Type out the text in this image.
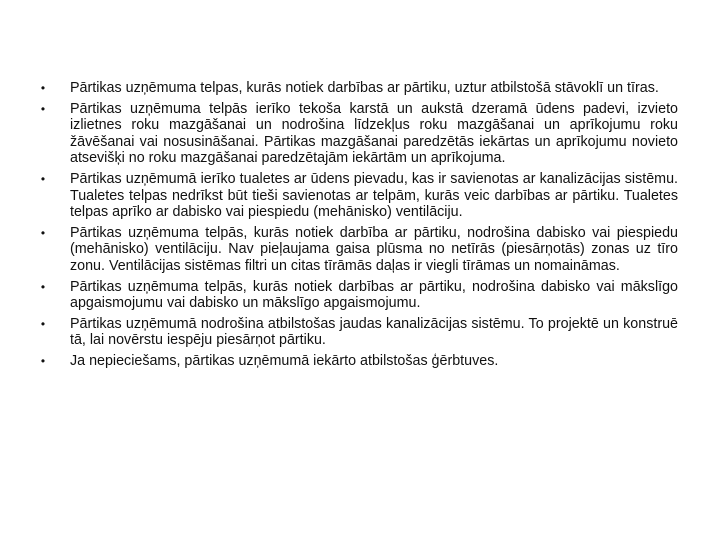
• Pārtikas uzņēmuma telpas, kurās notiek darbības ar pārtiku, uztur atbilstošā stāvoklī un tīras.
• Pārtikas uzņēmuma telpās ierīko tekoša karstā un aukstā dzeramā ūdens padevi, izvieto izlietnes roku mazgāšanai un nodrošina līdzekļus roku mazgāšanai un aprīkojumu roku žāvēšanai vai nosusināšanai. Pārtikas mazgāšanai paredzētās iekārtas un aprīkojumu novieto atsevišķi no roku mazgāšanai paredzētajām iekārtām un aprīkojuma.
• Pārtikas uzņēmumā ierīko tualetes ar ūdens pievadu, kas ir savienotas ar kanalizācijas sistēmu. Tualetes telpas nedrīkst būt tieši savienotas ar telpām, kurās veic darbības ar pārtiku. Tualetes telpas aprīko ar dabisko vai piespiedu (mehānisko) ventilāciju.
• Pārtikas uzņēmuma telpās, kurās notiek darbība ar pārtiku, nodrošina dabisko vai piespiedu (mehānisko) ventilāciju. Nav pieļaujama gaisa plūsma no netīrās (piesārņotās) zonas uz tīro zonu. Ventilācijas sistēmas filtri un citas tīrāmās daļas ir viegli tīrāmas un nomaināmas.
• Pārtikas uzņēmuma telpās, kurās notiek darbības ar pārtiku, nodrošina dabisko vai mākslīgo apgaismojumu vai dabisko un mākslīgo apgaismojumu.
• Pārtikas uzņēmumā nodrošina atbilstošas jaudas kanalizācijas sistēmu. To projektē un konstruē tā, lai novērstu iespēju piesārņot pārtiku.
• Ja nepieciešams, pārtikas uzņēmumā iekārto atbilstošas ģērbtuves.
